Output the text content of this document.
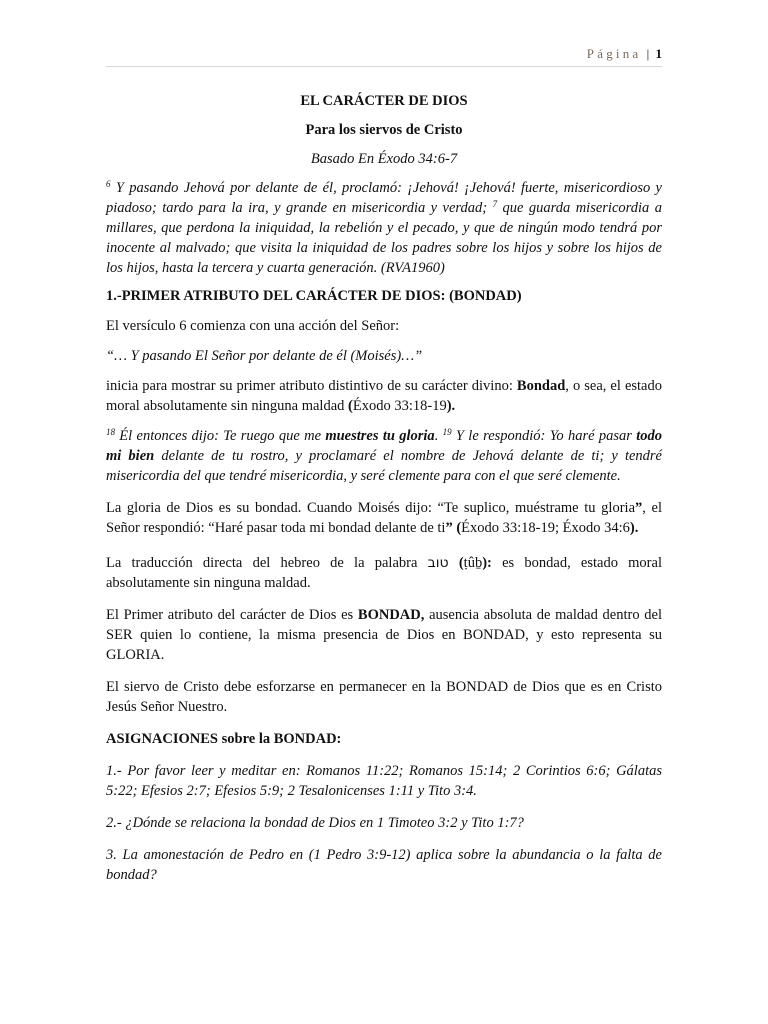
Página | 1

EL CARÁCTER DE DIOS

Para los siervos de Cristo

Basado En Éxodo 34:6-7

$^6$ Y pasando Jehová por delante de él, proclamó: ¡Jehová! ¡Jehová! fuerte, misericordioso y piadoso; tardo para la ira, y grande en misericordia y verdad; $^7$ que guarda misericordia a millares, que perdona la iniquidad, la rebelión y el pecado, y que de ningún modo tendrá por inocente al malvado; que visita la iniquidad de los padres sobre los hijos y sobre los hijos de los hijos, hasta la tercera y cuarta generación. (RVA1960)

1.-PRIMER ATRIBUTO DEL CARÁCTER DE DIOS: (BONDAD)

El versículo 6 comienza con una acción del Señor:

“… Y pasando El Señor por delante de él (Moisés)…”

inicia para mostrar su primer atributo distintivo de su carácter divino: Bondad, o sea, el estado moral absolutamente sin ninguna maldad (Éxodo 33:18-19).

$^{18}$ Él entonces dijo: Te ruego que me muestres tu gloria. $^{19}$ Y le respondió: Yo haré pasar todo mi bien delante de tu rostro, y proclamaré el nombre de Jehová delante de ti; y tendré misericordia del que tendré misericordia, y seré clemente para con el que seré clemente.

La gloria de Dios es su bondad. Cuando Moisés dijo: “Te suplico, muéstrame tu gloria”, el Señor respondió: “Haré pasar toda mi bondad delante de ti” (Éxodo 33:18-19; Éxodo 34:6).

La traducción directa del hebreo de la palabra טוב (ṭûḇ): es bondad, estado moral absolutamente sin ninguna maldad.

El Primer atributo del carácter de Dios es BONDAD, ausencia absoluta de maldad dentro del SER quien lo contiene, la misma presencia de Dios en BONDAD, y esto representa su GLORIA.

El siervo de Cristo debe esforzarse en permanecer en la BONDAD de Dios que es en Cristo Jesús Señor Nuestro.

ASIGNACIONES sobre la BONDAD:

1.- Por favor leer y meditar en: Romanos 11:22; Romanos 15:14; 2 Corintios 6:6; Gálatas 5:22; Efesios 2:7; Efesios 5:9; 2 Tesalonicenses 1:11 y Tito 3:4.

2.- ¿Dónde se relaciona la bondad de Dios en 1 Timoteo 3:2 y Tito 1:7?

3. La amonestación de Pedro en (1 Pedro 3:9-12) aplica sobre la abundancia o la falta de bondad?
